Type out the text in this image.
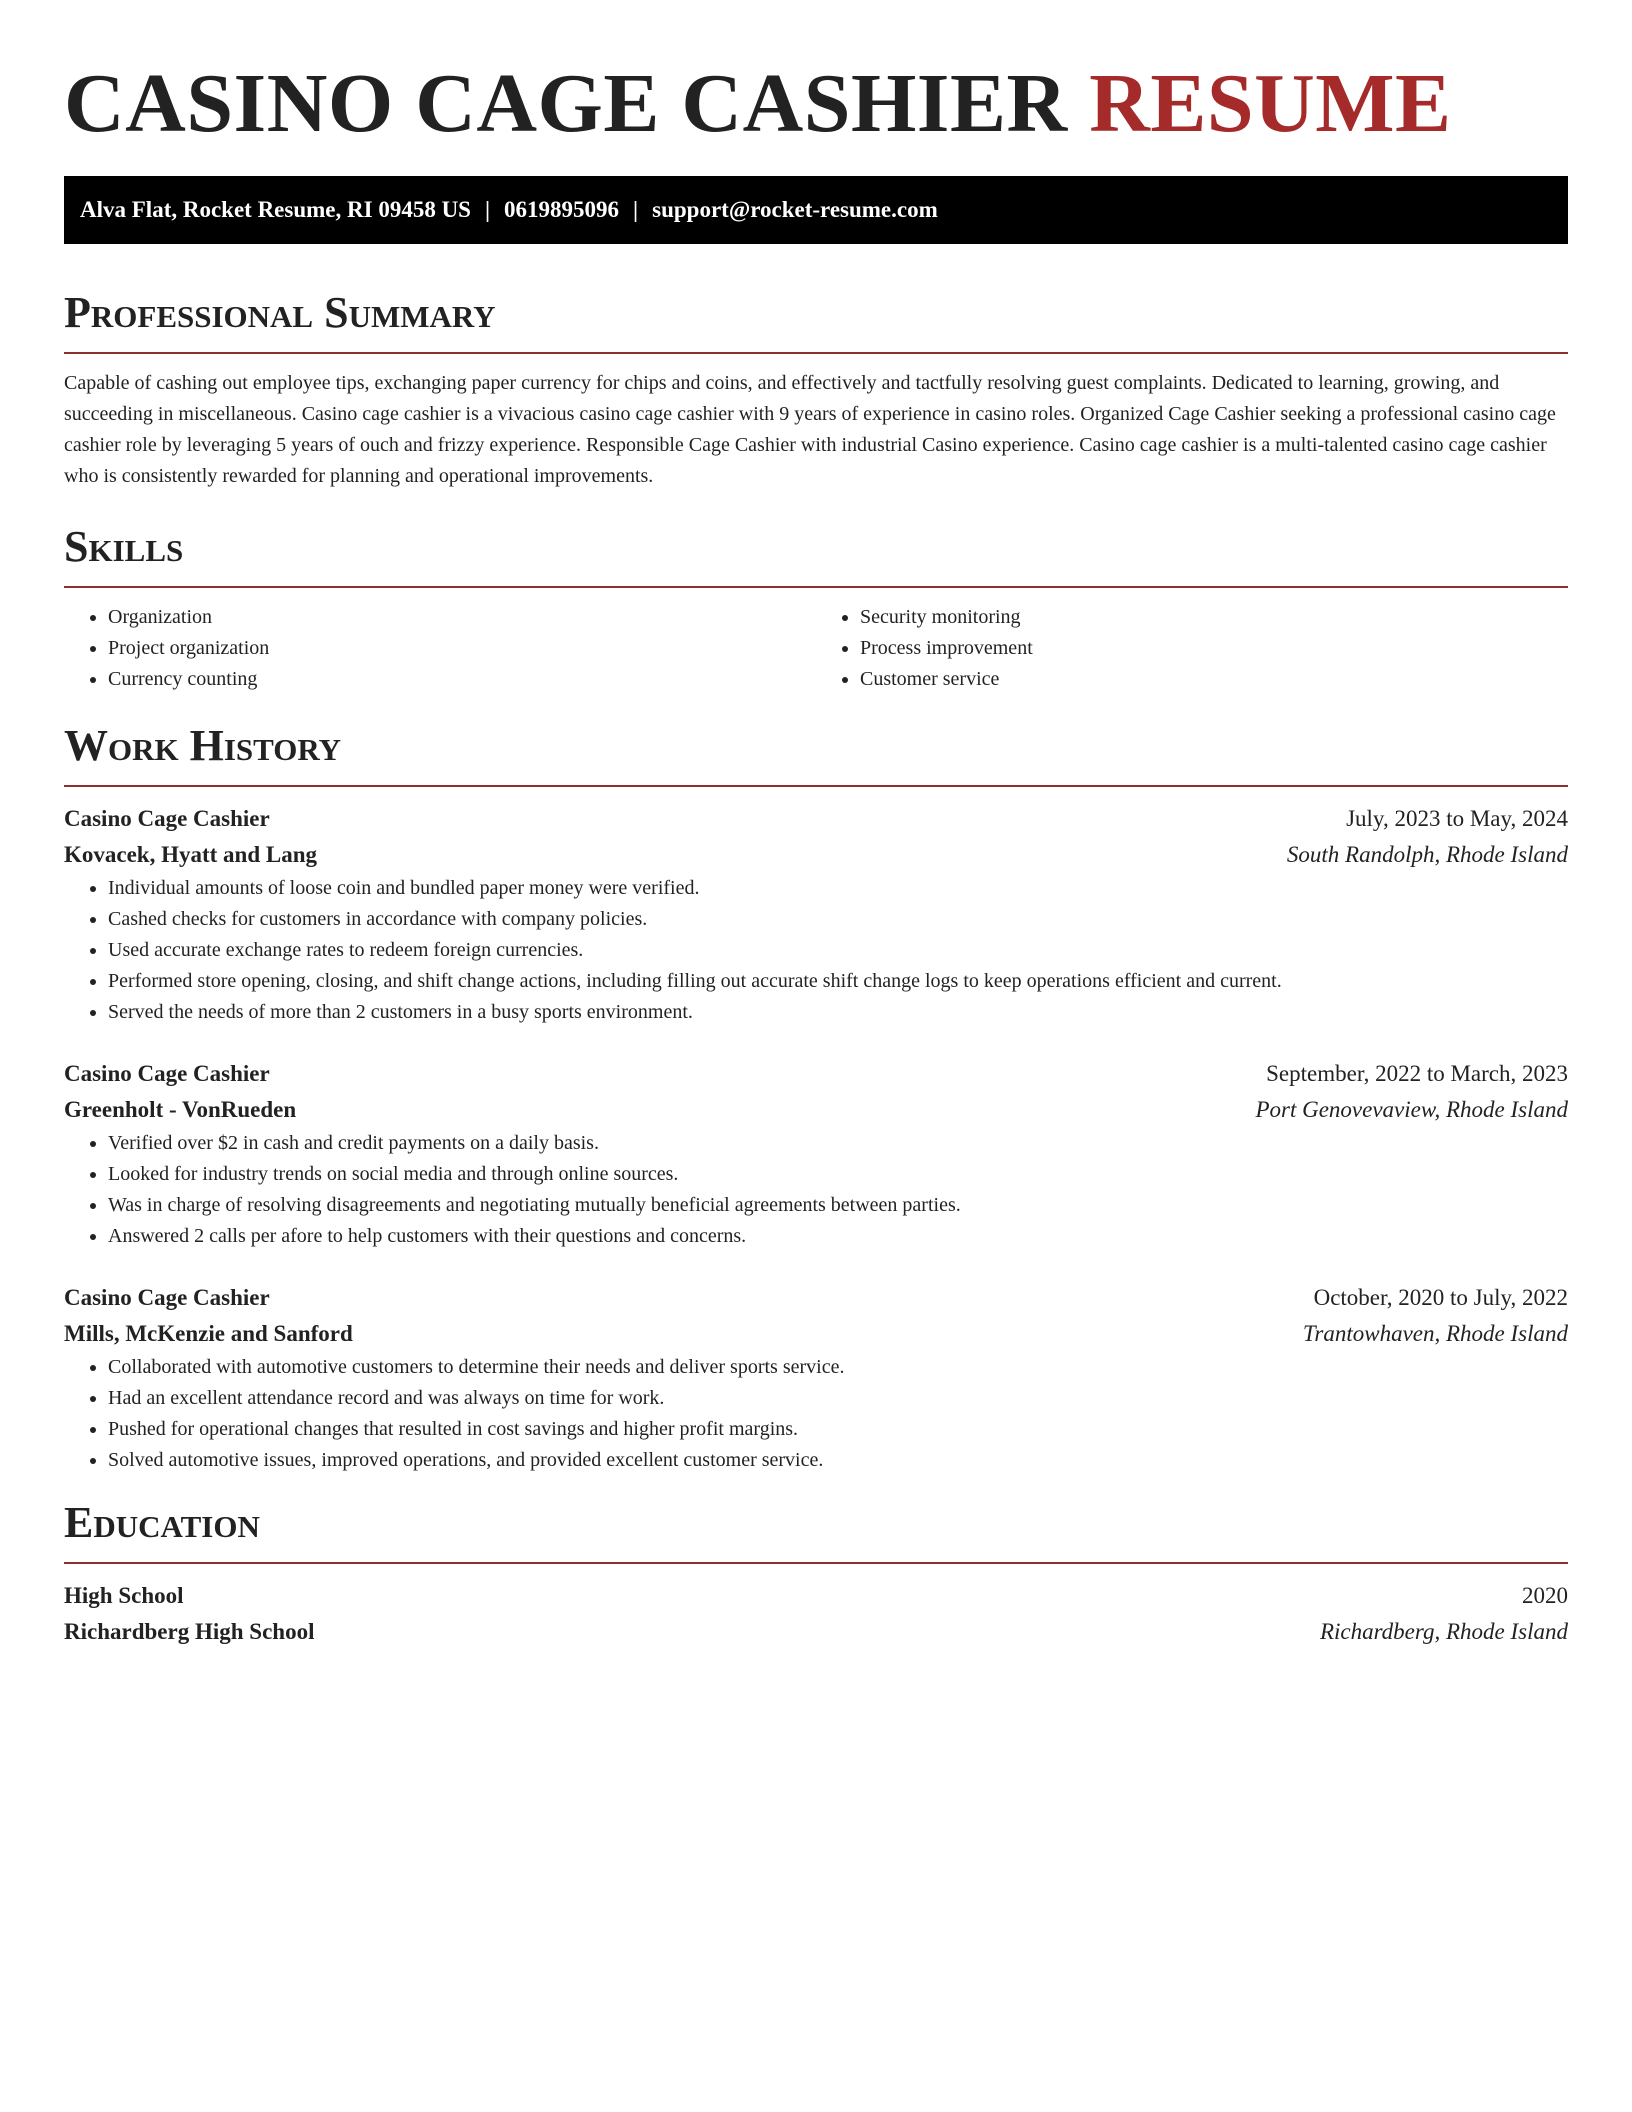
CASINO CAGE CASHIER RESUME
Alva Flat, Rocket Resume, RI 09458 US | 0619895096 | support@rocket-resume.com
Professional Summary

Capable of cashing out employee tips, exchanging paper currency for chips and coins, and effectively and tactfully resolving guest complaints. Dedicated to learning, growing, and succeeding in miscellaneous. Casino cage cashier is a vivacious casino cage cashier with 9 years of experience in casino roles. Organized Cage Cashier seeking a professional casino cage cashier role by leveraging 5 years of ouch and frizzy experience. Responsible Cage Cashier with industrial Casino experience. Casino cage cashier is a multi-talented casino cage cashier who is consistently rewarded for planning and operational improvements.

Skills
• Organization
• Project organization
• Currency counting
• Security monitoring
• Process improvement
• Customer service
Work History
Casino Cage Cashier	July, 2023 to May, 2024
Kovacek, Hyatt and Lang	South Randolph, Rhode Island
• Individual amounts of loose coin and bundled paper money were verified.
• Cashed checks for customers in accordance with company policies.
• Used accurate exchange rates to redeem foreign currencies.
• Performed store opening, closing, and shift change actions, including filling out accurate shift change logs to keep operations efficient and current.
• Served the needs of more than 2 customers in a busy sports environment.
Casino Cage Cashier	September, 2022 to March, 2023
Greenholt - VonRueden	Port Genovevaview, Rhode Island
• Verified over $2 in cash and credit payments on a daily basis.
• Looked for industry trends on social media and through online sources.
• Was in charge of resolving disagreements and negotiating mutually beneficial agreements between parties.
• Answered 2 calls per afore to help customers with their questions and concerns.
Casino Cage Cashier	October, 2020 to July, 2022
Mills, McKenzie and Sanford	Trantowhaven, Rhode Island
• Collaborated with automotive customers to determine their needs and deliver sports service.
• Had an excellent attendance record and was always on time for work.
• Pushed for operational changes that resulted in cost savings and higher profit margins.
• Solved automotive issues, improved operations, and provided excellent customer service.
Education
High School	2020
Richardberg High School	Richardberg, Rhode Island
